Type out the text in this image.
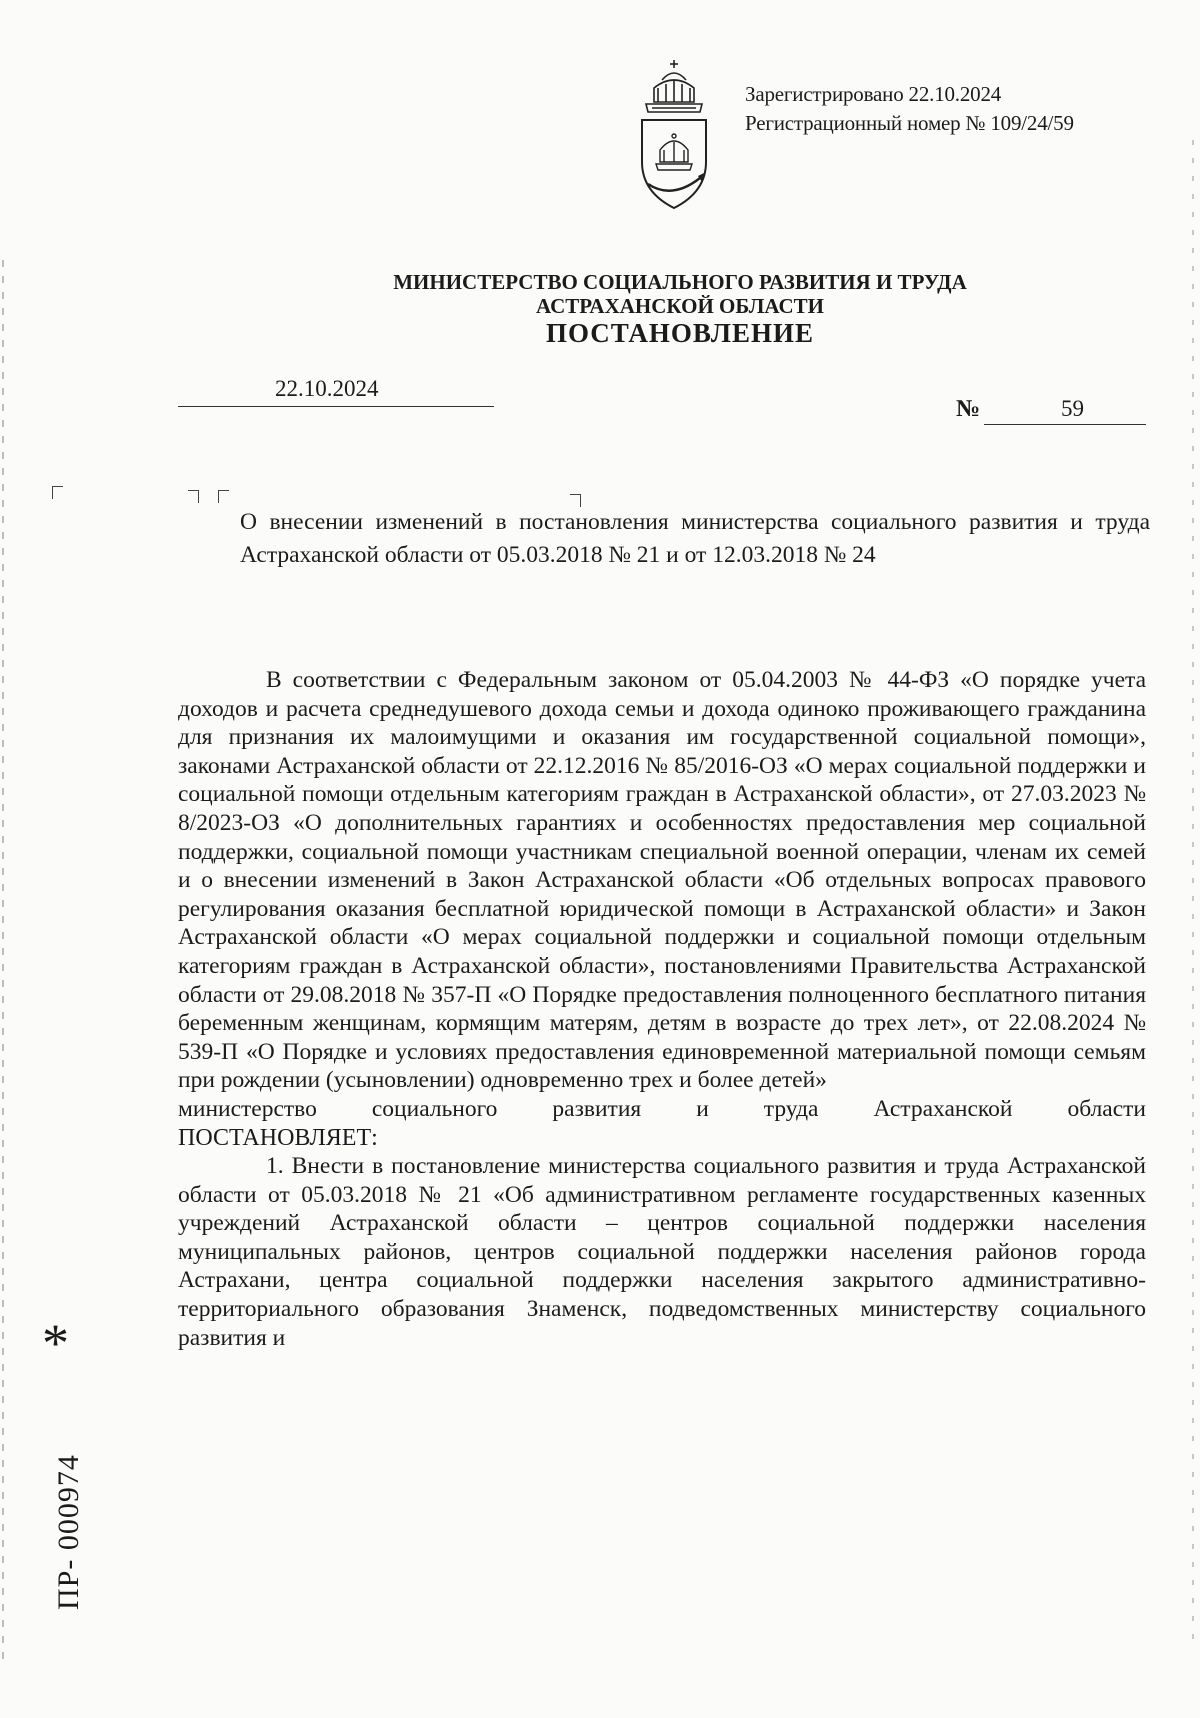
Зарегистрировано 22.10.2024
Регистрационный номер № 109/24/59
МИНИСТЕРСТВО СОЦИАЛЬНОГО РАЗВИТИЯ И ТРУДА
АСТРАХАНСКОЙ ОБЛАСТИ
ПОСТАНОВЛЕНИЕ
22.10.2024
№	59
О внесении изменений в постановления министерства социального развития и труда Астраханской области от 05.03.2018 № 21 и от 12.03.2018 № 24

В соответствии с Федеральным законом от 05.04.2003 № 44-ФЗ «О порядке учета доходов и расчета среднедушевого дохода семьи и дохода одиноко проживающего гражданина для признания их малоимущими и оказания им государственной социальной помощи», законами Астраханской области от 22.12.2016 № 85/2016-ОЗ «О мерах социальной поддержки и социальной помощи отдельным категориям граждан в Астраханской области», от 27.03.2023 № 8/2023-ОЗ «О дополнительных гарантиях и особенностях предоставления мер социальной поддержки, социальной помощи участникам специальной военной операции, членам их семей и о внесении изменений в Закон Астраханской области «Об отдельных вопросах правового регулирования оказания бесплатной юридической помощи в Астраханской области» и Закон Астраханской области «О мерах социальной поддержки и социальной помощи отдельным категориям граждан в Астраханской области», постановлениями Правительства Астраханской области от 29.08.2018 № 357-П «О Порядке предоставления полноценного бесплатного питания беременным женщинам, кормящим матерям, детям в возрасте до трех лет», от 22.08.2024 № 539-П «О Порядке и условиях предоставления единовременной материальной помощи семьям при рождении (усыновлении) одновременно трех и более детей»

министерство социального развития и труда Астраханской области

ПОСТАНОВЛЯЕТ:

1. Внести в постановление министерства социального развития и труда Астраханской области от 05.03.2018 № 21 «Об административном регламенте государственных казенных учреждений Астраханской области – центров социальной поддержки населения муниципальных районов, центров социальной поддержки населения районов города Астрахани, центра социальной поддержки населения закрытого административно-территориального образования Знаменск, подведомственных министерству социального развития и

*
ПР- 000974
